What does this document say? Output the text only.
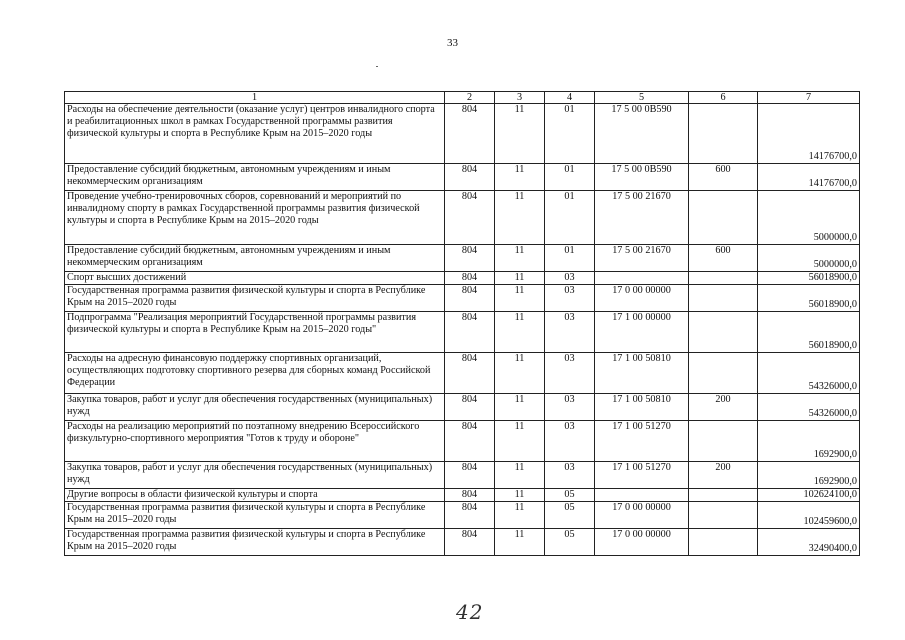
33
1	2	3	4	5	6	7
Расходы на обеспечение деятельности (оказание услуг) центров инвалидного спорта и реабилитационных школ в рамках Государственной программы развития физической культуры и спорта в Республике Крым на 2015–2020 годы	804	11	01	17 5 00 0В590		14176700,0
Предоставление субсидий бюджетным, автономным учреждениям и иным некоммерческим организациям	804	11	01	17 5 00 0В590	600	14176700,0
Проведение учебно-тренировочных сборов, соревнований и мероприятий по инвалидному спорту в рамках Государственной программы развития физической культуры и спорта в Республике Крым на 2015–2020 годы	804	11	01	17 5 00 21670		5000000,0
Предоставление субсидий бюджетным, автономным учреждениям и иным некоммерческим организациям	804	11	01	17 5 00 21670	600	5000000,0
Спорт высших достижений	804	11	03			56018900,0
Государственная программа развития физической культуры и спорта в Республике Крым на 2015–2020 годы	804	11	03	17 0 00 00000		56018900,0
Подпрограмма "Реализация мероприятий Государственной программы развития физической культуры и спорта в Республике Крым на 2015–2020 годы"	804	11	03	17 1 00 00000		56018900,0
Расходы на адресную финансовую поддержку спортивных организаций, осуществляющих подготовку спортивного резерва для сборных команд Российской Федерации	804	11	03	17 1 00 50810		54326000,0
Закупка товаров, работ и услуг для обеспечения государственных (муниципальных) нужд	804	11	03	17 1 00 50810	200	54326000,0
Расходы на реализацию мероприятий по поэтапному внедрению Всероссийского физкультурно-спортивного мероприятия "Готов к труду и обороне"	804	11	03	17 1 00 51270		1692900,0
Закупка товаров, работ и услуг для обеспечения государственных (муниципальных) нужд	804	11	03	17 1 00 51270	200	1692900,0
Другие вопросы в области физической культуры и спорта	804	11	05			102624100,0
Государственная программа развития физической культуры и спорта в Республике Крым на 2015–2020 годы	804	11	05	17 0 00 00000		102459600,0
Государственная программа развития физической культуры и спорта в Республике Крым на 2015–2020 годы	804	11	05	17 0 00 00000		32490400,0
42
